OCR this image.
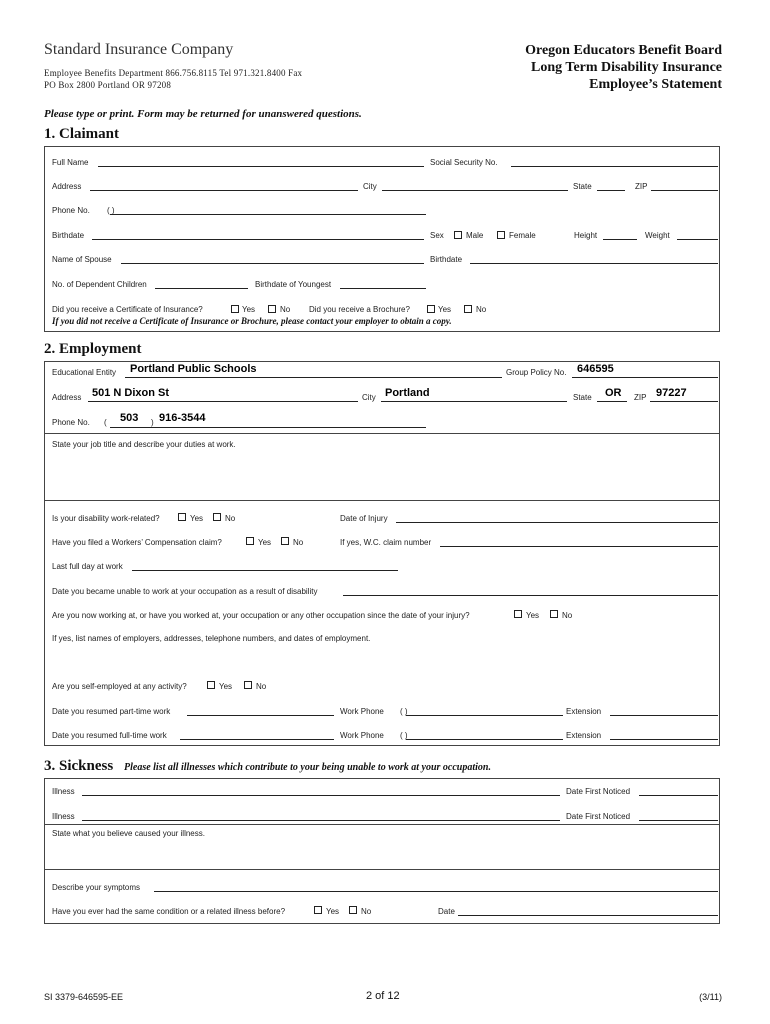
Standard Insurance Company
Employee Benefits Department 866.756.8115 Tel 971.321.8400 Fax
PO Box 2800 Portland OR 97208
Oregon Educators Benefit Board
Long Term Disability Insurance
Employee’s Statement
Please type or print. Form may be returned for unanswered questions.
1. Claimant
Full Name	Social Security No.
Address	City	State	ZIP
Phone No. ( )
Birthdate	Sex	Male	Female	Height	Weight
Name of Spouse	Birthdate
No. of Dependent Children	Birthdate of Youngest
Did you receive a Certificate of Insurance?	Yes	No Did you receive a Brochure?	Yes	No
If you did not receive a Certificate of Insurance or Brochure, please contact your employer to obtain a copy.
2. Employment
Educational Entity Portland Public Schools	Group Policy No. 646595
Address 501 N Dixon St	City Portland	State OR ZIP 97227
Phone No. ( 503 ) 916-3544
State your job title and describe your duties at work.
Is your disability work-related?	Yes	No	Date of Injury
Have you filed a Workers’ Compensation claim?	Yes	No	If yes, W.C. claim number
Last full day at work
Date you became unable to work at your occupation as a result of disability
Are you now working at, or have you worked at, your occupation or any other occupation since the date of your injury?	Yes	No
If yes, list names of employers, addresses, telephone numbers, and dates of employment.
Are you self-employed at any activity?	Yes	No
Date you resumed part-time work	Work Phone ( )	Extension
Date you resumed full-time work	Work Phone ( )	Extension
3. Sickness Please list all illnesses which contribute to your being unable to work at your occupation.
Illness	Date First Noticed
Illness	Date First Noticed
State what you believe caused your illness.
Describe your symptoms
Have you ever had the same condition or a related illness before?	Yes	No	Date
SI 3379-646595-EE	2 of 12	(3/11)
